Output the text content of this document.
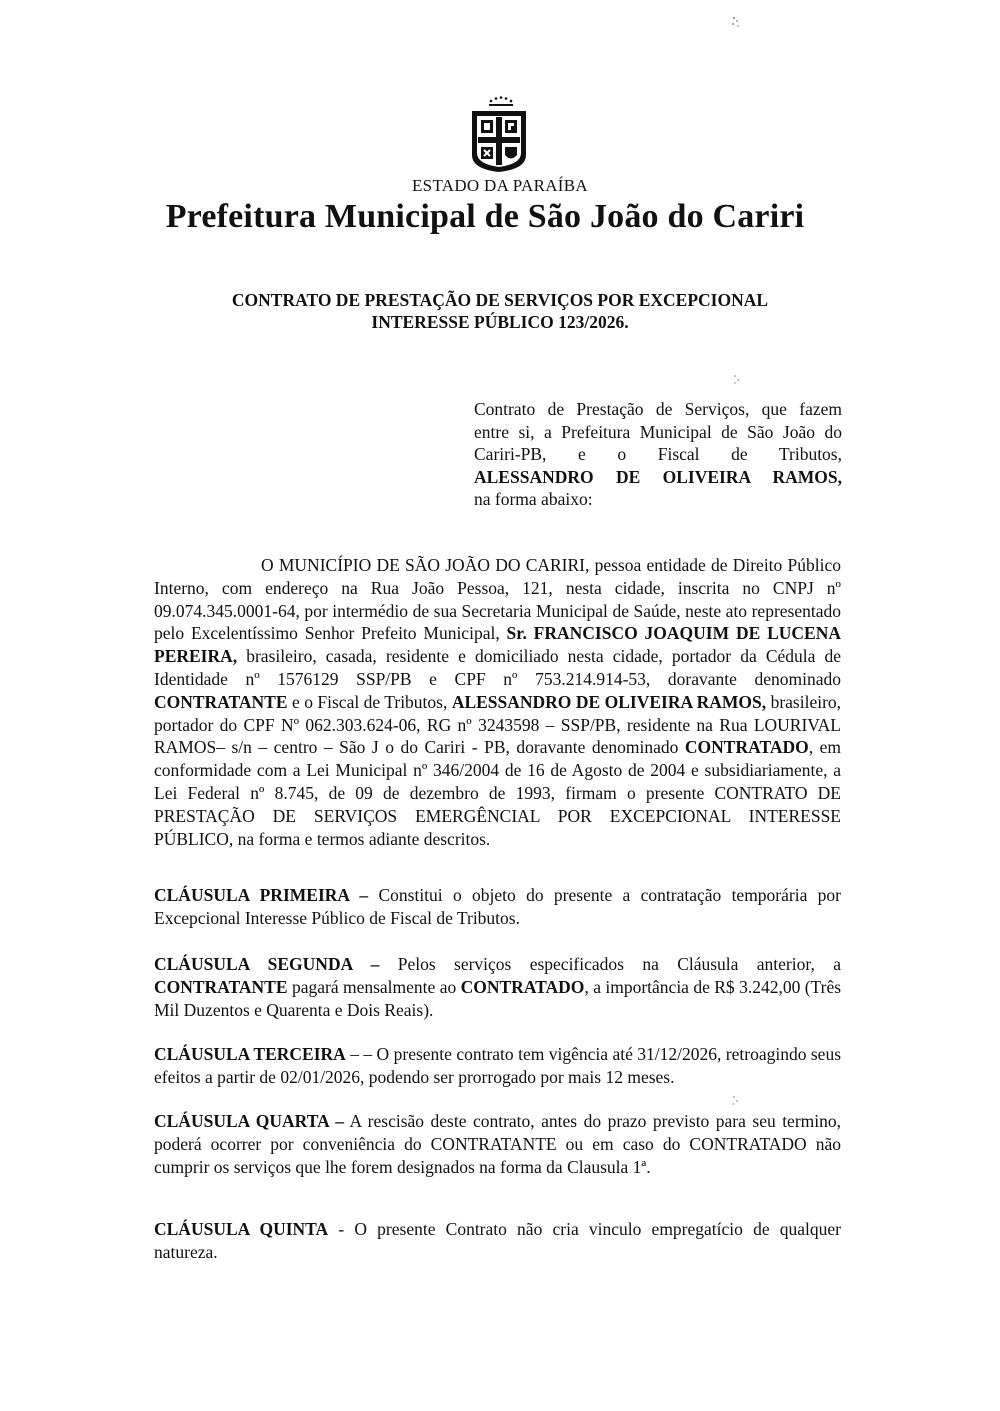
ESTADO DA PARAÍBA
Prefeitura Municipal de São João do Cariri
CONTRATO DE PRESTAÇÃO DE SERVIÇOS POR EXCEPCIONAL
INTERESSE PÚBLICO 123/2026.
Contrato de Prestação de Serviços, que fazem
entre si, a Prefeitura Municipal de São João do
Cariri-PB, e o Fiscal de Tributos,
ALESSANDRO DE OLIVEIRA RAMOS,
na forma abaixo:
O MUNICÍPIO DE SÃO JOÃO DO CARIRI, pessoa entidade de Direito Público Interno, com endereço na Rua João Pessoa, 121, nesta cidade, inscrita no CNPJ nº 09.074.345.0001-64, por intermédio de sua Secretaria Municipal de Saúde, neste ato representado pelo Excelentíssimo Senhor Prefeito Municipal, Sr. FRANCISCO JOAQUIM DE LUCENA PEREIRA, brasileiro, casada, residente e domiciliado nesta cidade, portador da Cédula de Identidade nº 1576129 SSP/PB e CPF nº 753.214.914-53, doravante denominado CONTRATANTE e o Fiscal de Tributos, ALESSANDRO DE OLIVEIRA RAMOS, brasileiro, portador do CPF Nº 062.303.624-06, RG nº 3243598 – SSP/PB, residente na Rua LOURIVAL RAMOS– s/n – centro – São J o do Cariri - PB, doravante denominado CONTRATADO, em conformidade com a Lei Municipal nº 346/2004 de 16 de Agosto de 2004 e subsidiariamente, a Lei Federal nº 8.745, de 09 de dezembro de 1993, firmam o presente CONTRATO DE PRESTAÇÃO DE SERVIÇOS EMERGÊNCIAL POR EXCEPCIONAL INTERESSE PÚBLICO, na forma e termos adiante descritos.
CLÁUSULA PRIMEIRA – Constitui o objeto do presente a contratação temporária por Excepcional Interesse Público de Fiscal de Tributos.
CLÁUSULA SEGUNDA – Pelos serviços especificados na Cláusula anterior, a CONTRATANTE pagará mensalmente ao CONTRATADO, a importância de R$ 3.242,00 (Três Mil Duzentos e Quarenta e Dois Reais).
CLÁUSULA TERCEIRA – – O presente contrato tem vigência até 31/12/2026, retroagindo seus efeitos a partir de 02/01/2026, podendo ser prorrogado por mais 12 meses.
CLÁUSULA QUARTA – A rescisão deste contrato, antes do prazo previsto para seu termino, poderá ocorrer por conveniência do CONTRATANTE ou em caso do CONTRATADO não cumprir os serviços que lhe forem designados na forma da Clausula 1ª.
CLÁUSULA QUINTA - O presente Contrato não cria vinculo empregatício de qualquer natureza.
